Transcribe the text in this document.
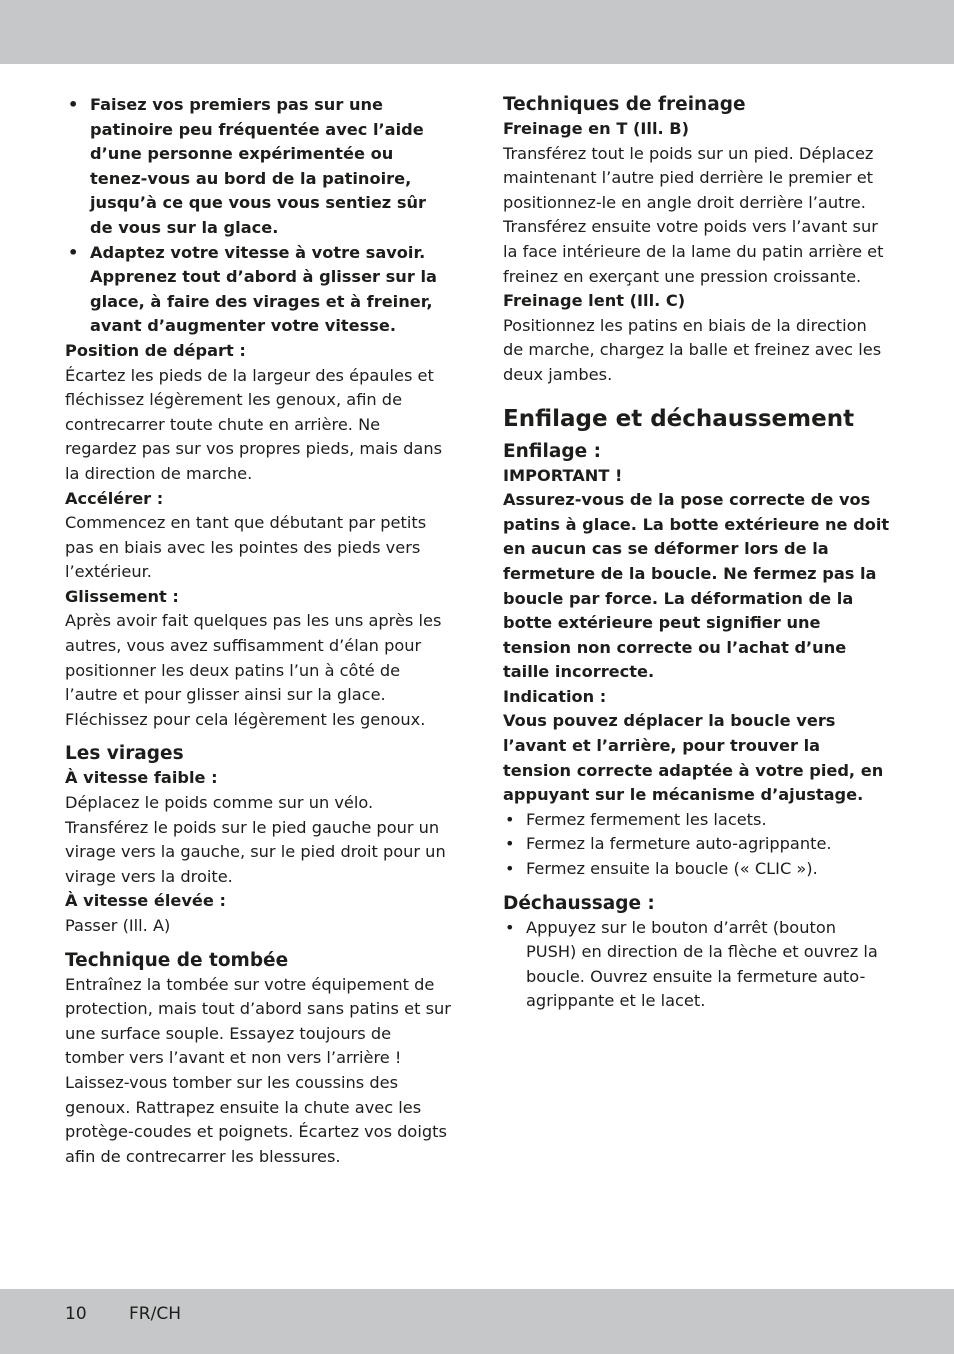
• Faisez vos premiers pas sur une patinoire peu fréquentée avec l’aide d’une personne expérimentée ou tenez-vous au bord de la patinoire, jusqu’à ce que vous vous sentiez sûr de vous sur la glace.
• Adaptez votre vitesse à votre savoir. Apprenez tout d’abord à glisser sur la glace, à faire des virages et à freiner, avant d’augmenter votre vitesse.

Position de départ :

Écartez les pieds de la largeur des épaules et fléchissez légèrement les genoux, afin de contrecarrer toute chute en arrière. Ne regardez pas sur vos propres pieds, mais dans la direction de marche.

Accélérer :

Commencez en tant que débutant par petits pas en biais avec les pointes des pieds vers l’extérieur.

Glissement :

Après avoir fait quelques pas les uns après les autres, vous avez suffisamment d’élan pour positionner les deux patins l’un à côté de l’autre et pour glisser ainsi sur la glace.

Fléchissez pour cela légèrement les genoux.

Les virages

À vitesse faible :

Déplacez le poids comme sur un vélo.

Transférez le poids sur le pied gauche pour un virage vers la gauche, sur le pied droit pour un virage vers la droite.

À vitesse élevée :

Passer (Ill. A)

Technique de tombée

Entraînez la tombée sur votre équipement de protection, mais tout d’abord sans patins et sur une surface souple. Essayez toujours de tomber vers l’avant et non vers l’arrière !

Laissez-vous tomber sur les coussins des genoux. Rattrapez ensuite la chute avec les protège-coudes et poignets. Écartez vos doigts afin de contrecarrer les blessures.

Techniques de freinage

Freinage en T (Ill. B)

Transférez tout le poids sur un pied. Déplacez maintenant l’autre pied derrière le premier et positionnez-le en angle droit derrière l’autre. Transférez ensuite votre poids vers l’avant sur la face intérieure de la lame du patin arrière et freinez en exerçant une pression croissante.

Freinage lent (Ill. C)

Positionnez les patins en biais de la direction de marche, chargez la balle et freinez avec les deux jambes.

Enfilage et déchaussement

Enfilage :

IMPORTANT !

Assurez-vous de la pose correcte de vos patins à glace. La botte extérieure ne doit en aucun cas se déformer lors de la fermeture de la boucle. Ne fermez pas la boucle par force. La déformation de la botte extérieure peut signifier une tension non correcte ou l’achat d’une taille incorrecte.

Indication :

Vous pouvez déplacer la boucle vers l’avant et l’arrière, pour trouver la tension correcte adaptée à votre pied, en appuyant sur le mécanisme d’ajustage.

• Fermez fermement les lacets.
• Fermez la fermeture auto-agrippante.
• Fermez ensuite la boucle (« CLIC »).

Déchaussage :

• Appuyez sur le bouton d’arrêt (bouton PUSH) en direction de la flèche et ouvrez la boucle. Ouvrez ensuite la fermeture auto-agrippante et le lacet.
10 FR/CH
